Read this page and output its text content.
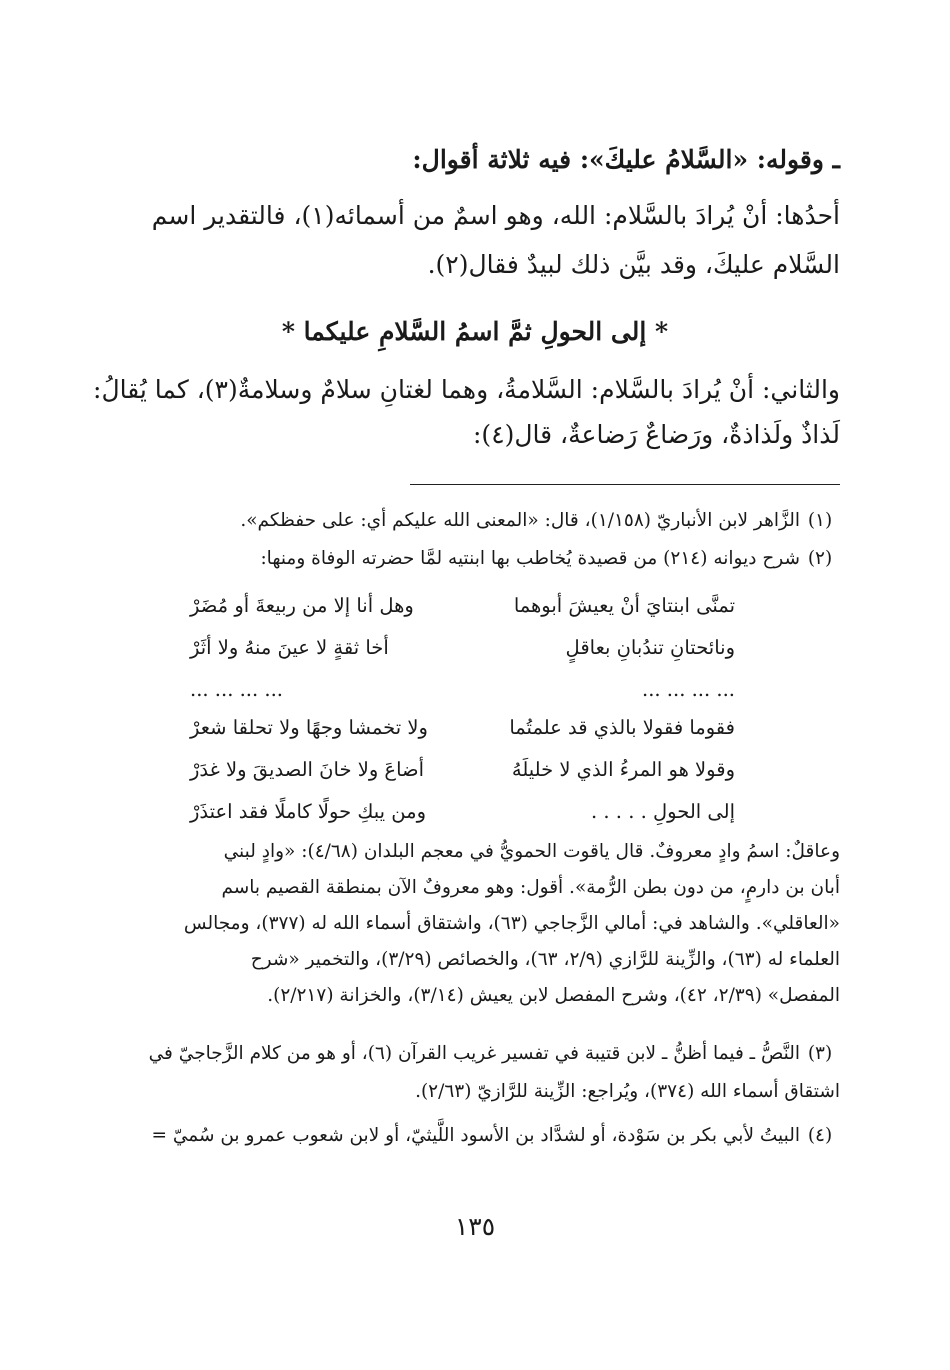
ـ وقوله: «السَّلامُ عليكَ»: فيه ثلاثة أقوال:
أحدُها: أنْ يُرادَ بالسَّلام: الله، وهو اسمٌ من أسمائه(١)، فالتقدير اسم
السَّلام عليكَ، وقد بيَّن ذلك لبيدٌ فقال(٢).
* إلى الحولِ ثمَّ اسمُ السَّلامِ عليكما *
والثاني: أنْ يُرادَ بالسَّلام: السَّلامةُ، وهما لغتانِ سلامٌ وسلامةٌ(٣)، كما يُقالُ:
لَذاذٌ ولَذاذةٌ، ورَضاعٌ رَضاعةٌ، قال(٤):
(١)الزَّاهر لابن الأنباريّ (١/١٥٨)، قال: «المعنى الله عليكم أي: على حفظكم».
(٢)شرح ديوانه (٢١٤) من قصيدة يُخاطب بها ابنتيه لمَّا حضرته الوفاة ومنها:
تمنَّى ابنتايَ أنْ يعيشَ أبوهما
وهل أنا إلا من ربيعةَ أو مُضَرْ
ونائحتانِ تندُبانِ بعاقلٍ
أخا ثقةٍ لا عينَ منهُ ولا أثَرْ
... ... ... ...
... ... ... ...
فقوما فقولا بالذي قد علمتُما
ولا تخمشا وجهًا ولا تحلقا شعرْ
وقولا هو المرءُ الذي لا خليلَهُ
أضاعَ ولا خانَ الصديقَ ولا غدَرْ
إلى الحولِ . . . . .
ومن يبكِ حولًا كاملًا فقد اعتذَرْ
وعاقلٌ: اسمُ وادٍ معروفٌ. قال ياقوت الحمويُّ في معجم البلدان (٤/٦٨): «وادٍ لبني
أبان بن دارمٍ، من دون بطن الرُّمة». أقول: وهو معروفٌ الآن بمنطقة القصيم باسم
«العاقلي». والشاهد في: أمالي الزَّجاجي (٦٣)، واشتقاق أسماء الله له (٣٧٧)، ومجالس
العلماء له (٦٣)، والزِّينة للرَّازي (٢/٩، ٦٣)، والخصائص (٣/٢٩)، والتخمير «شرح
المفصل» (٢/٣٩، ٤٢)، وشرح المفصل لابن يعيش (٣/١٤)، والخزانة (٢/٢١٧).
(٣)النَّصُّ ـ فيما أظنُّ ـ لابن قتيبة في تفسير غريب القرآن (٦)، أو هو من كلام الزَّجاجيّ في
اشتقاق أسماء الله (٣٧٤)، ويُراجع: الزِّينة للرَّازيّ (٢/٦٣).
(٤)البيتُ لأبي بكر بن سَوْدة، أو لشدَّاد بن الأسود اللَّيثيّ، أو لابن شعوب عمرو بن سُميّ =
١٣٥
